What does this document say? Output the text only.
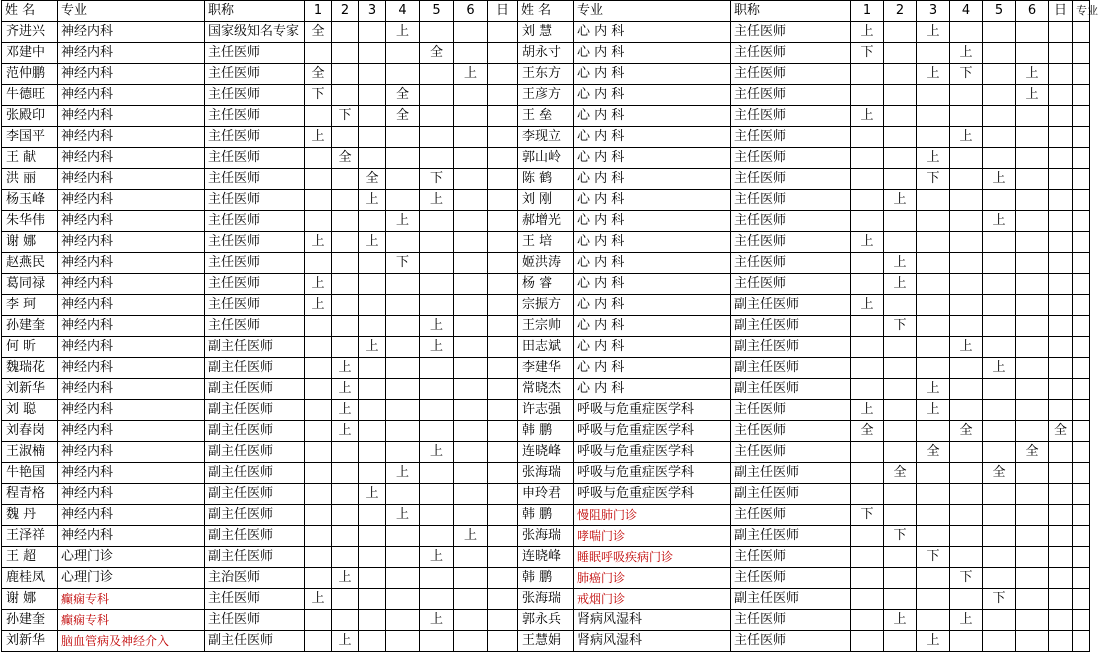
姓 名	专业	职称	1	2	3	4	5	6	日	姓 名	专业	职称	1	2	3	4	5	6	日	专业
齐进兴	神经内科	国家级知名专家	全			上				刘 慧	心 内 科	主任医师	上		上					
邓建中	神经内科	主任医师					全			胡永寸	心 内 科	主任医师	下			上				
范仲鹏	神经内科	主任医师	全					上		王东方	心 内 科	主任医师			上	下		上		
牛德旺	神经内科	主任医师	下			全				王彦方	心 内 科	主任医师						上		
张殿印	神经内科	主任医师		下		全				王 垒	心 内 科	主任医师	上							
李国平	神经内科	主任医师	上							李现立	心 内 科	主任医师				上				
王 献	神经内科	主任医师		全						郭山岭	心 内 科	主任医师			上					
洪 丽	神经内科	主任医师			全		下			陈 鹤	心 内 科	主任医师			下		上			
杨玉峰	神经内科	主任医师			上		上			刘 刚	心 内 科	主任医师		上						
朱华伟	神经内科	主任医师				上				郝增光	心 内 科	主任医师					上			
谢 娜	神经内科	主任医师	上		上					王 培	心 内 科	主任医师	上							
赵燕民	神经内科	主任医师				下				姬洪涛	心 内 科	主任医师		上						
葛同禄	神经内科	主任医师	上							杨 睿	心 内 科	主任医师		上						
李 珂	神经内科	主任医师	上							宗振方	心 内 科	副主任医师	上							
孙建奎	神经内科	主任医师					上			王宗帅	心 内 科	副主任医师		下						
何 昕	神经内科	副主任医师			上		上			田志斌	心 内 科	副主任医师				上				
魏瑞花	神经内科	副主任医师		上						李建华	心 内 科	副主任医师					上			
刘新华	神经内科	副主任医师		上						常晓杰	心 内 科	副主任医师			上					
刘 聪	神经内科	副主任医师		上						许志强	呼吸与危重症医学科	主任医师	上		上					
刘春岗	神经内科	副主任医师		上						韩 鹏	呼吸与危重症医学科	主任医师	全			全			全	
王淑楠	神经内科	副主任医师					上			连晓峰	呼吸与危重症医学科	主任医师			全			全		
牛艳国	神经内科	副主任医师				上				张海瑞	呼吸与危重症医学科	副主任医师		全			全			
程青格	神经内科	副主任医师			上					申玲君	呼吸与危重症医学科	副主任医师								
魏 丹	神经内科	副主任医师				上				韩 鹏	慢阻肺门诊	主任医师	下							
王泽祥	神经内科	副主任医师						上		张海瑞	哮喘门诊	副主任医师		下						
王 超	心理门诊	副主任医师					上			连晓峰	睡眠呼吸疾病门诊	主任医师			下					
鹿桂凤	心理门诊	主治医师		上						韩 鹏	肺癌门诊	主任医师				下				
谢 娜	癫痫专科	主任医师	上							张海瑞	戒烟门诊	副主任医师					下			
孙建奎	癫痫专科	主任医师					上			郭永兵	肾病风湿科	主任医师		上		上				
刘新华	脑血管病及神经介入	副主任医师		上						王慧娟	肾病风湿科	主任医师			上					
